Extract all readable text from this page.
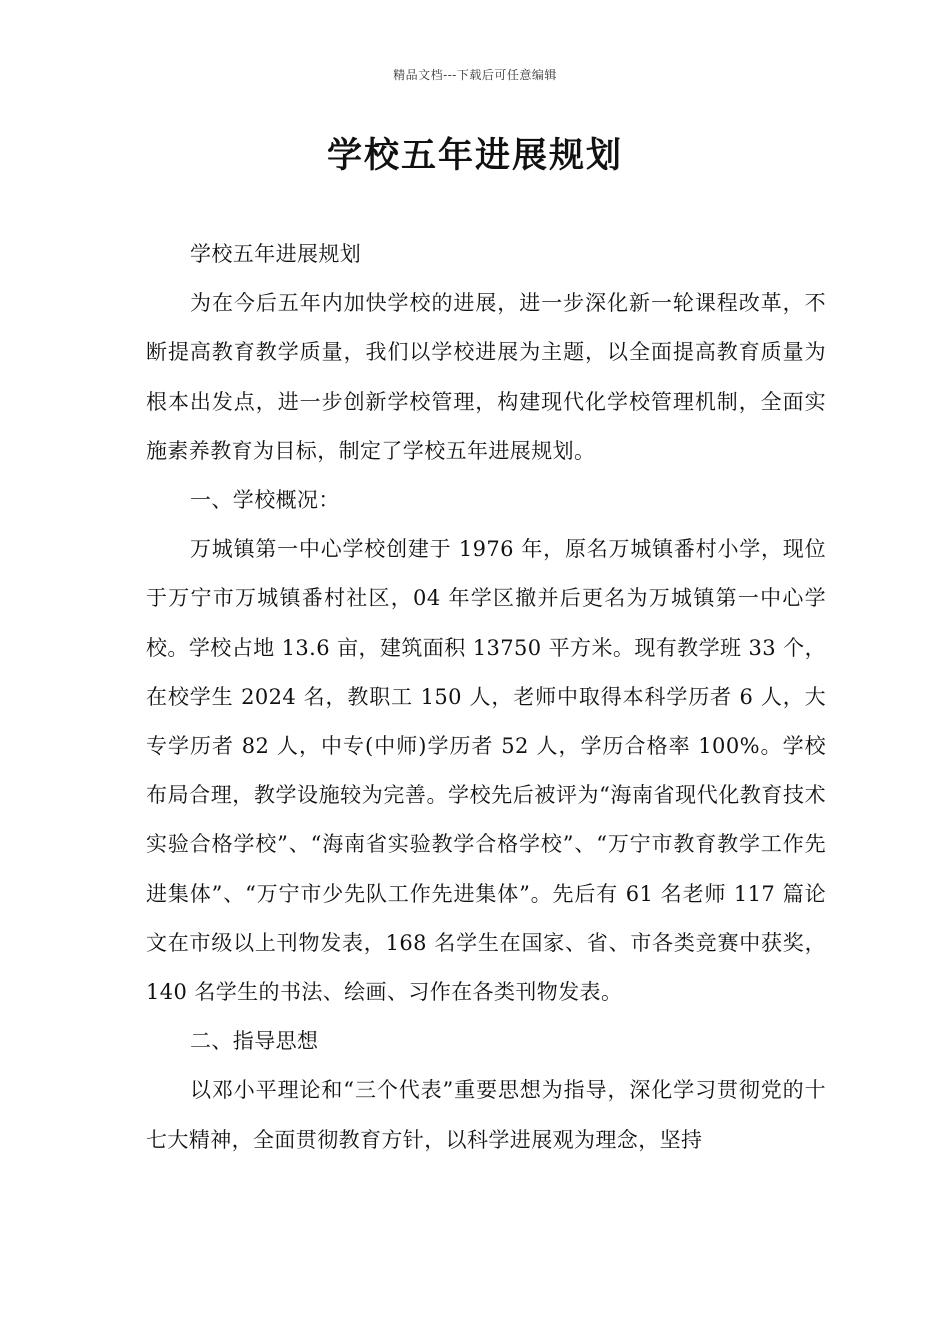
精品文档---下载后可任意编辑
学校五年进展规划

学校五年进展规划

为在今后五年内加快学校的进展，进一步深化新一轮课程改革，不断提高教育教学质量，我们以学校进展为主题，以全面提高教育质量为根本出发点，进一步创新学校管理，构建现代化学校管理机制，全面实施素养教育为目标，制定了学校五年进展规划。

一、学校概况：

万城镇第一中心学校创建于 1976 年，原名万城镇番村小学，现位于万宁市万城镇番村社区，04 年学区撤并后更名为万城镇第一中心学校。学校占地 13.6 亩，建筑面积 13750 平方米。现有教学班 33 个，在校学生 2024 名，教职工 150 人，老师中取得本科学历者 6 人，大专学历者 82 人，中专(中师)学历者 52 人，学历合格率 100%。学校布局合理，教学设施较为完善。学校先后被评为“海南省现代化教育技术实验合格学校”、“海南省实验教学合格学校”、“万宁市教育教学工作先进集体”、“万宁市少先队工作先进集体”。先后有 61 名老师 117 篇论文在市级以上刊物发表，168 名学生在国家、省、市各类竞赛中获奖，140 名学生的书法、绘画、习作在各类刊物发表。

二、指导思想

以邓小平理论和“三个代表”重要思想为指导，深化学习贯彻党的十七大精神，全面贯彻教育方针，以科学进展观为理念，坚持
